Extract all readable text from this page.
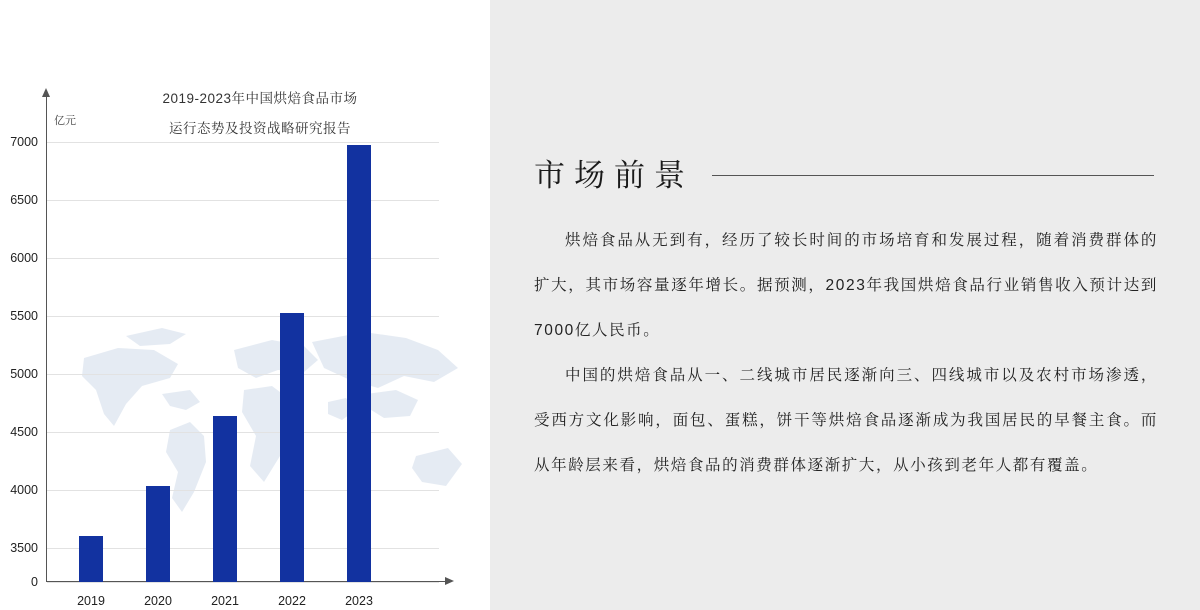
2019-2023年中国烘焙食品市场
运行态势及投资战略研究报告
亿元
0
3500
4000
4500
5000
5500
6000
6500
7000
2019	2020	2021	2022	2023
市场前景

烘焙食品从无到有，经历了较长时间的市场培育和发展过程，随着消费群体的扩大，其市场容量逐年增长。据预测，2023年我国烘焙食品行业销售收入预计达到7000亿人民币。

中国的烘焙食品从一、二线城市居民逐渐向三、四线城市以及农村市场渗透，受西方文化影响，面包、蛋糕，饼干等烘焙食品逐渐成为我国居民的早餐主食。而从年龄层来看，烘焙食品的消费群体逐渐扩大，从小孩到老年人都有覆盖。
